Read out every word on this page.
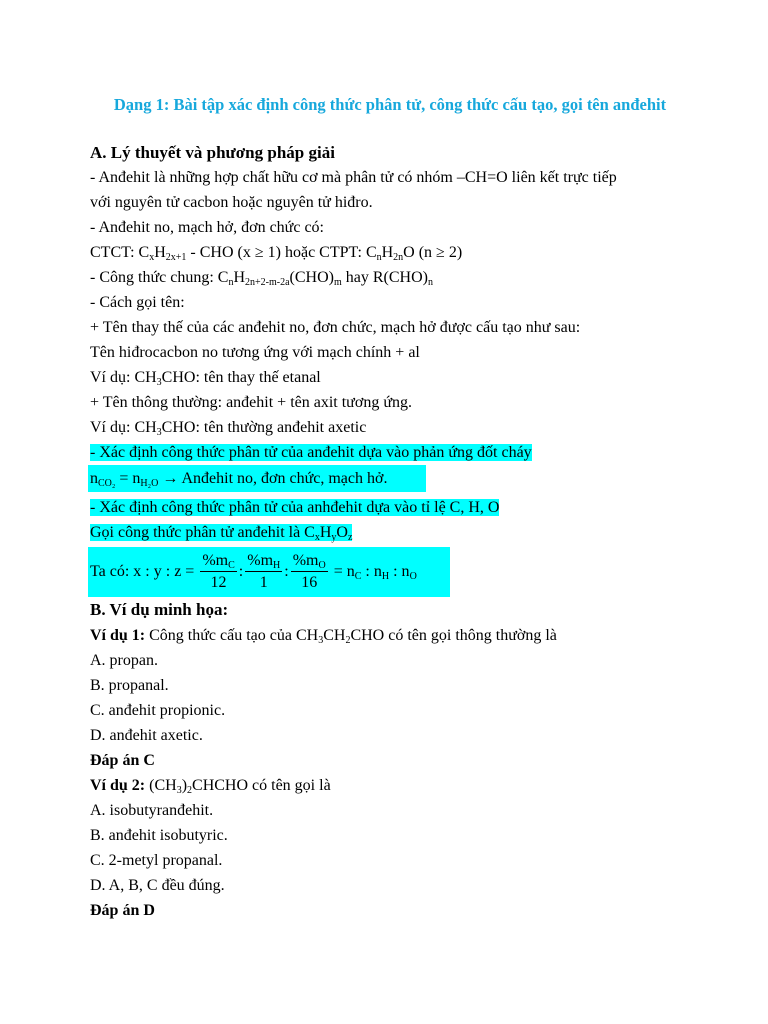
Dạng 1: Bài tập xác định công thức phân tử, công thức cấu tạo, gọi tên anđehit
A. Lý thuyết và phương pháp giải
- Anđehit là những hợp chất hữu cơ mà phân tử có nhóm –CH=O liên kết trực tiếp
với nguyên tử cacbon hoặc nguyên tử hiđro.
- Anđehit no, mạch hở, đơn chức có:
CTCT: $C_xH_{2x+1}$ - CHO (x ≥ 1) hoặc CTPT: $C_nH_{2n}O$ (n ≥ 2)
- Công thức chung: $C_nH_{2n+2-m-2a}(CHO)_m$ hay $R(CHO)_n$
- Cách gọi tên:
+ Tên thay thế của các anđehit no, đơn chức, mạch hở được cấu tạo như sau:
Tên hiđrocacbon no tương ứng với mạch chính + al
Ví dụ: $CH_3CHO$: tên thay thế etanal
+ Tên thông thường: anđehit + tên axit tương ứng.
Ví dụ: $CH_3CHO$: tên thường anđehit axetic
- Xác định công thức phân tử của anđehit dựa vào phản ứng đốt cháy
$n_{CO_2} = n_{H_2O}$ → Anđehit no, đơn chức, mạch hở.
- Xác định công thức phân tử của anhđehit dựa vào tỉ lệ C, H, O
Gọi công thức phân tử anđehit là $C_xH_yO_z$
Ta có: x : y : $z = \frac{\%m_C}{12}$ : $\frac{\%m_H}{1}$ : $\frac{\%m_O}{16} = n_C$ : $n_H$ : $n_O$
B. Ví dụ minh họa:
Ví dụ 1: Công thức cấu tạo của $CH_3CH_2CHO$ có tên gọi thông thường là
A. propan.
B. propanal.
C. anđehit propionic.
D. anđehit axetic.
Đáp án C
Ví dụ 2: $(CH_3)_2CHCHO$ có tên gọi là
A. isobutyranđehit.
B. anđehit isobutyric.
C. 2-metyl propanal.
D. A, B, C đều đúng.
Đáp án D
